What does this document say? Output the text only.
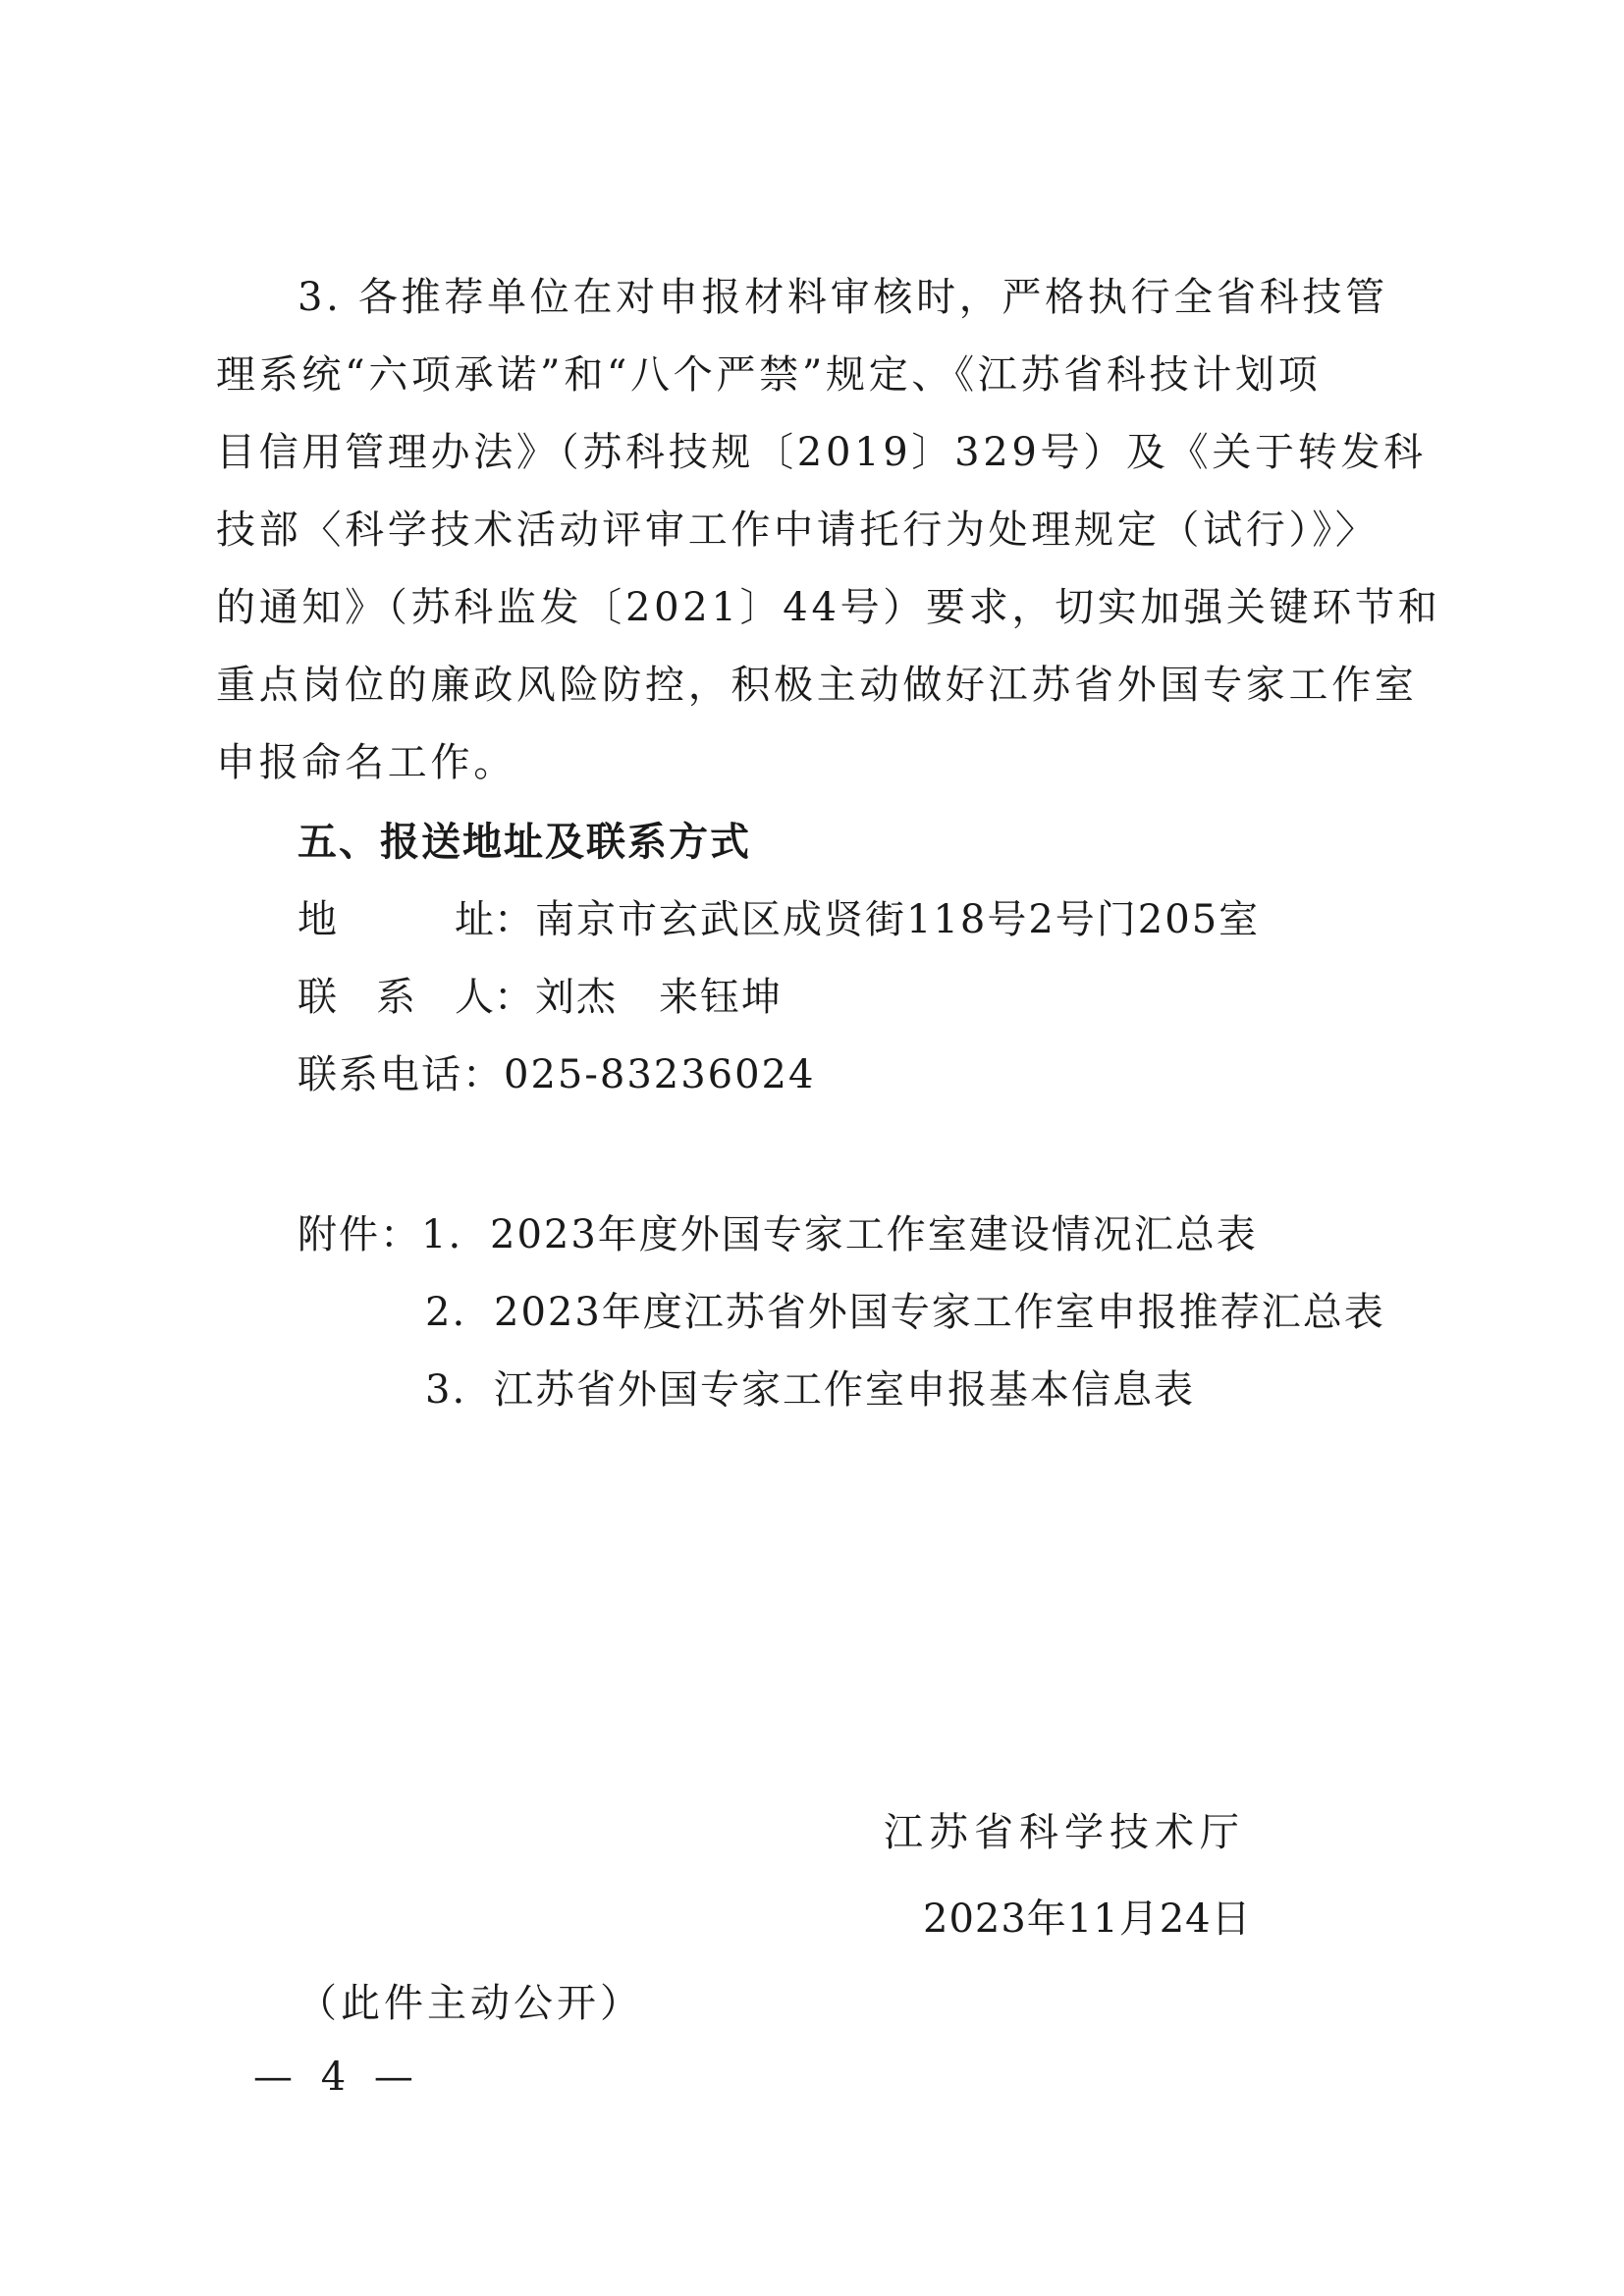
3. 各推荐单位在对申报材料审核时，严格执行全省科技管
理系统“六项承诺”和“八个严禁”规定、《江苏省科技计划项
目信用管理办法》（苏科技规〔2019〕329号）及《关于转发科
技部〈科学技术活动评审工作中请托行为处理规定（试行）》〉
的通知》（苏科监发〔2021〕44号）要求，切实加强关键环节和
重点岗位的廉政风险防控，积极主动做好江苏省外国专家工作室
申报命名工作。
五、报送地址及联系方式
地	址 ：南京市玄武区成贤街118号2号门205室
联 系 人 ：刘杰　来钰坤
联系电话：025-83236024
附件：1. 2023年度外国专家工作室建设情况汇总表
2. 2023年度江苏省外国专家工作室申报推荐汇总表
3. 江苏省外国专家工作室申报基本信息表
江苏省科学技术厅
2023年11月24日
（此件主动公开）
— 4 —
